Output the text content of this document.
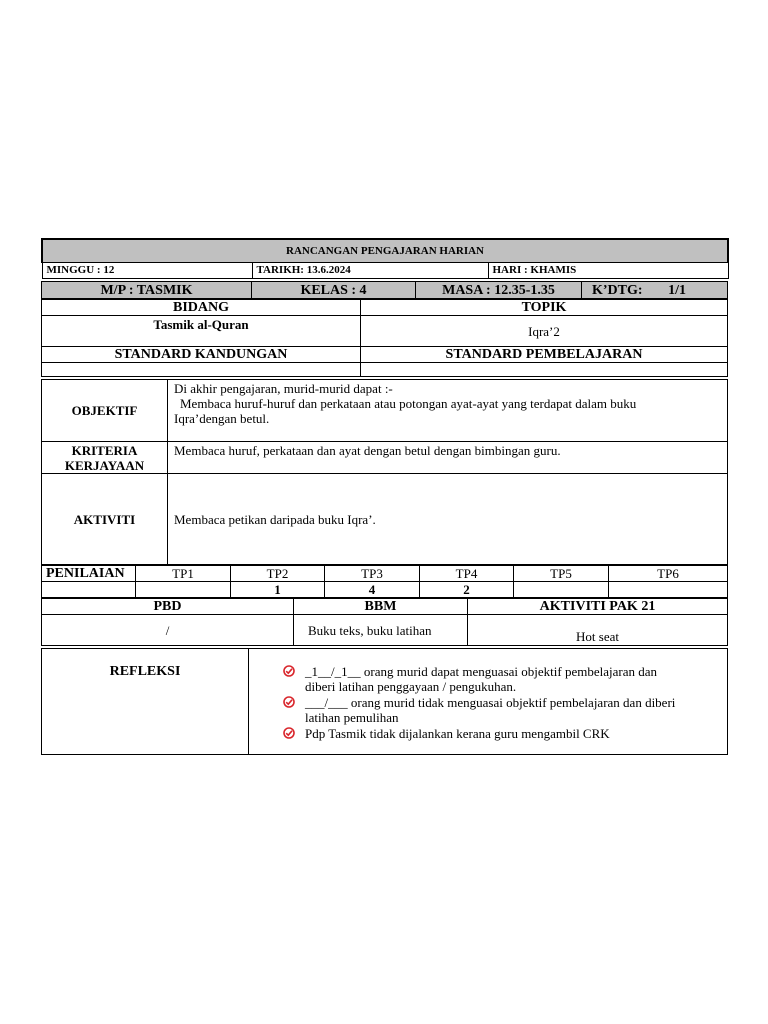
RANCANGAN PENGAJARAN HARIAN
MINGGU : 12	TARIKH: 13.6.2024	HARI : KHAMIS
M/P : TASMIK	KELAS : 4	MASA : 12.35-1.35	K’DTG: 1/1
BIDANG	TOPIK
Tasmik al-Quran	Iqra’2
STANDARD KANDUNGAN	STANDARD PEMBELAJARAN

OBJEKTIF	Di akhir pengajaran, murid-murid dapat :-
Membaca huruf-huruf dan perkataan atau potongan ayat-ayat yang terdapat dalam buku
Iqra’dengan betul.

KRITERIA
KERJAYAAN	Membaca huruf, perkataan dan ayat dengan betul dengan bimbingan guru.
AKTIVITI	Membaca petikan daripada buku Iqra’.
PENILAIAN	TP1	TP2	TP3	TP4	TP5	TP6
		1	4	2		
PBD	BBM	AKTIVITI PAK 21
/	Buku teks, buku latihan	Hot seat
REFLEKSI	_1__/_1__ orang murid dapat menguasai objektif pembelajaran dan
diberi latihan penggayaan / pengukuhan.
___/___ orang murid tidak menguasai objektif pembelajaran dan diberi
latihan pemulihan
Pdp Tasmik tidak dijalankan kerana guru mengambil CRK
